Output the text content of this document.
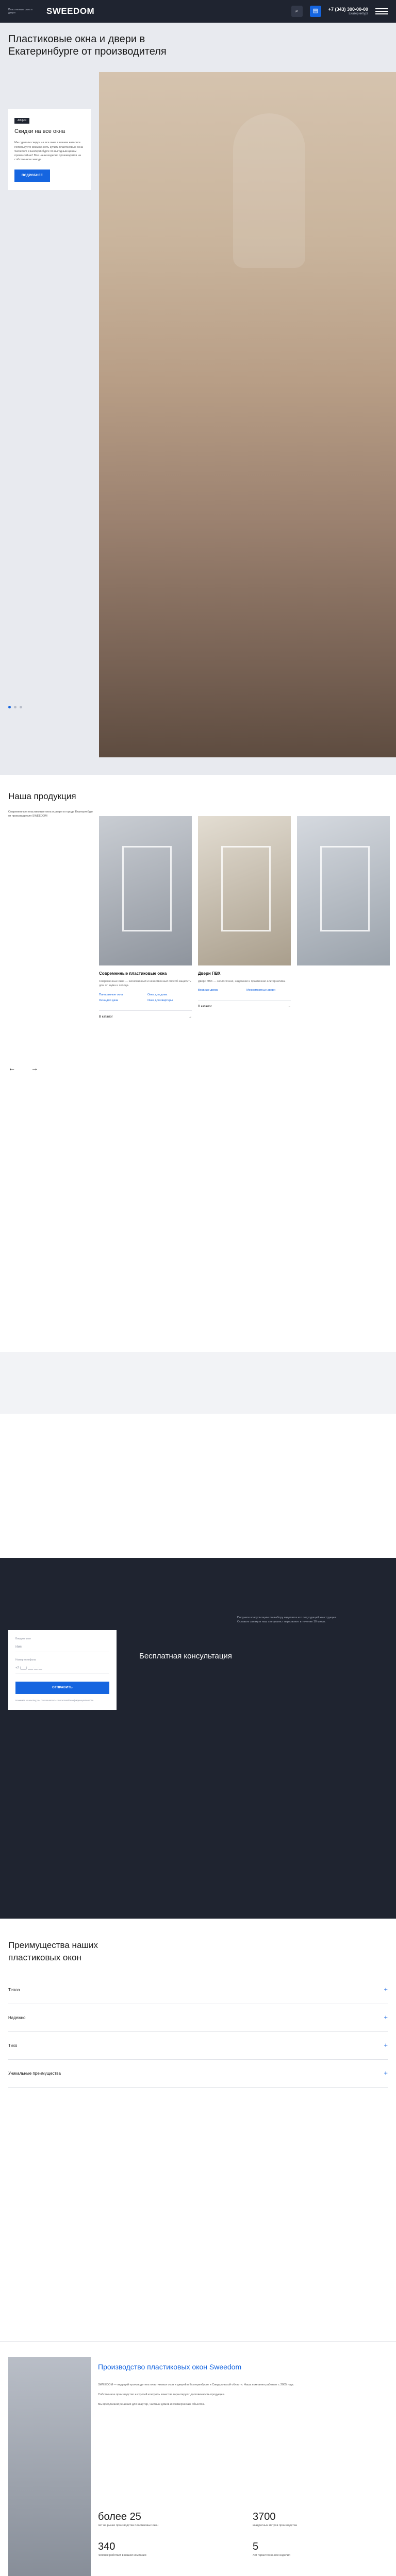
Пластиковые окна и двери	SWEEDOM	⌕	▤	+7 (343) 300-00-00
Екатеринбург
Пластиковые окна и двери в Екатеринбурге от производителя
АКЦИЯ
Скидки на все окна

Мы сделали скидки на все окна в нашем каталоге. Используйте возможность купить пластиковые окна Sweedom в Екатеринбурге по выгодным ценам прямо сейчас! Все наши изделия производятся на собственном заводе.

ПОДРОБНЕЕ
Наша продукция

Современные пластиковые окна и двери в городе Екатеринбург от производителя SWEEDOM

← →
Современные пластиковые окна
Современные окна — экономичный и качественный способ защитить дом от шума и холода.
Панорамные окна	Окна для дома
Окна для дачи	Окна для квартиры
В каталог	→
Двери ПВХ
Двери ПВХ — экологичная, надёжная и практичная альтернатива.
Входные двери	Межкомнатные двери
В каталог	→
Введите имя
Имя
Номер телефона
+7 (___) ___-__-__
ОТПРАВИТЬ

Нажимая на кнопку, вы соглашаетесь с политикой конфиденциальности

Бесплатная консультация

Получите консультацию по выбору изделия и его подходящей конструкции. Оставьте заявку и наш специалист перезвонит в течение 10 минут.

Преимущества наших пластиковых окон
Тепло	+
Надежно	+
Тихо	+
Уникальные преимущества	+
Производство пластиковых окон Sweedom

SWEEDOM — ведущий производитель пластиковых окон и дверей в Екатеринбурге и Свердловской области. Наша компания работает с 2005 года.

Собственное производство и строгий контроль качества гарантируют долговечность продукции.

Мы предлагаем решения для квартир, частных домов и коммерческих объектов.

более 25
лет на рынке производства пластиковых окон
3700
квадратных метров производства
340
человек работает в нашей компании
5
лет гарантия на все изделия
